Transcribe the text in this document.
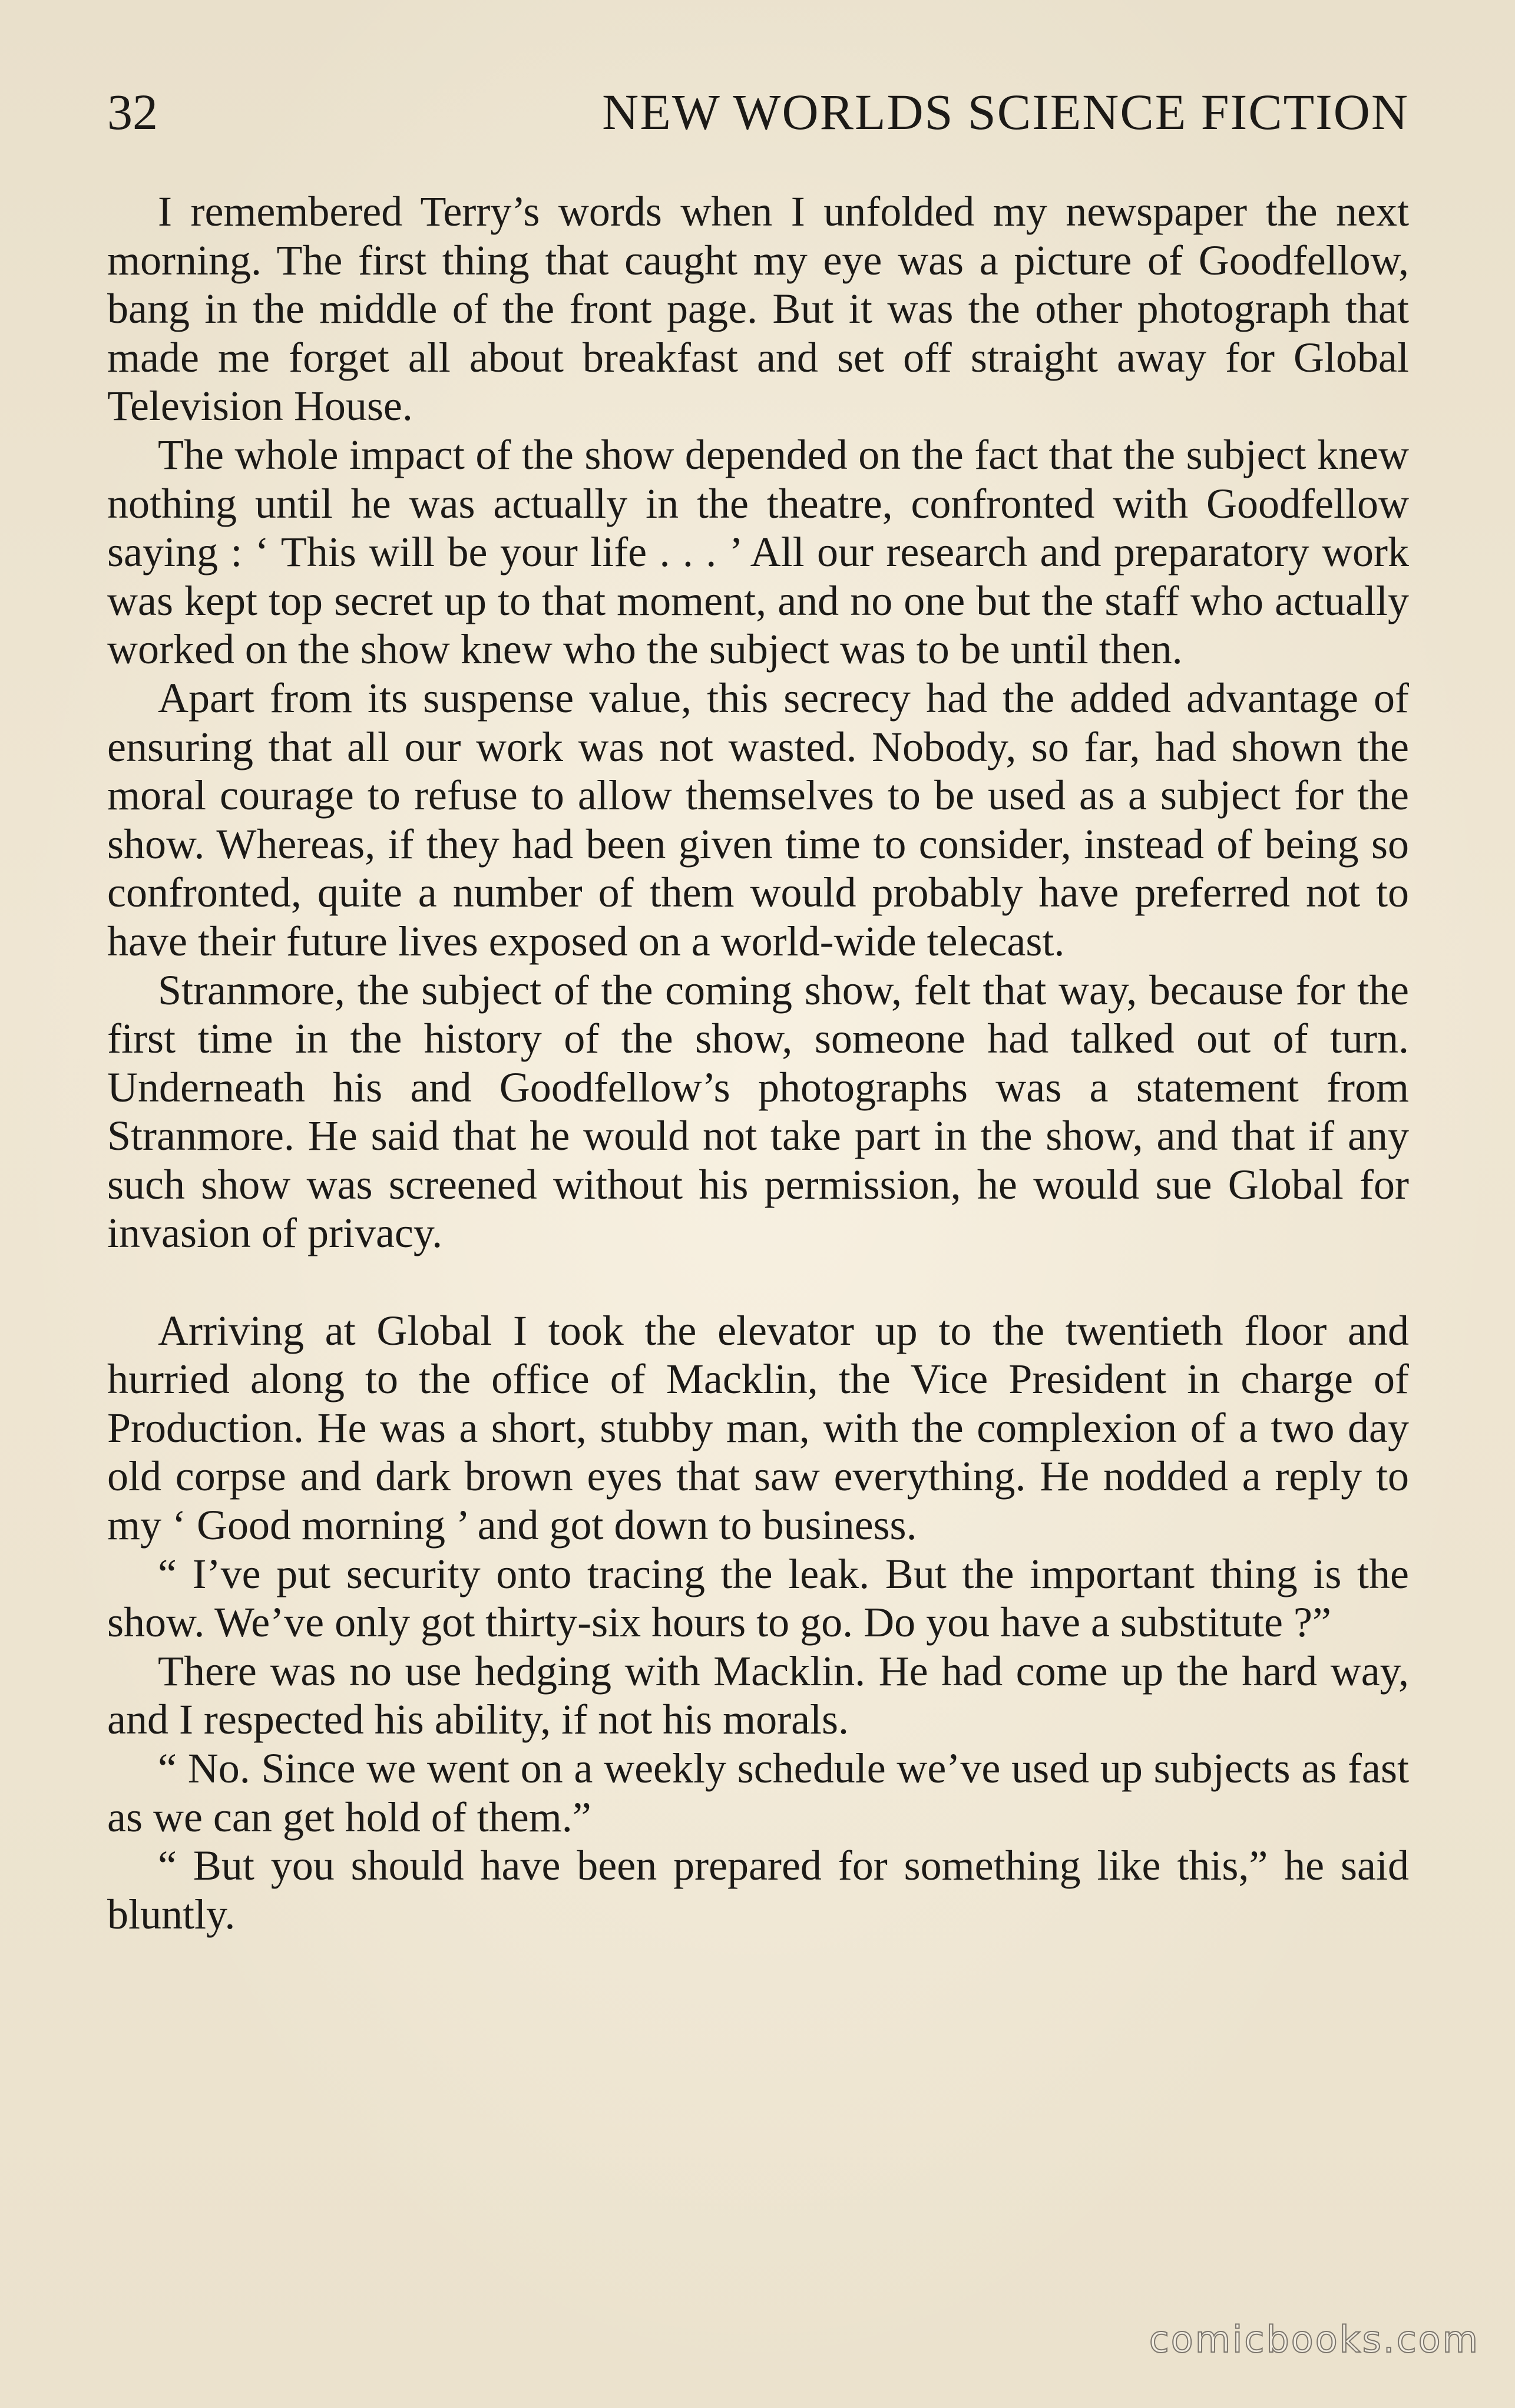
32	NEW WORLDS SCIENCE FICTION

I remembered Terry’s words when I unfolded my newspaper the next morning. The first thing that caught my eye was a picture of Goodfellow, bang in the middle of the front page. But it was the other photograph that made me forget all about breakfast and set off straight away for Global Television House.

The whole impact of the show depended on the fact that the subject knew nothing until he was actually in the theatre, confronted with Goodfellow saying : ‘ This will be your life . . . ’ All our research and preparatory work was kept top secret up to that moment, and no one but the staff who actually worked on the show knew who the subject was to be until then.

Apart from its suspense value, this secrecy had the added advantage of ensuring that all our work was not wasted. Nobody, so far, had shown the moral courage to refuse to allow themselves to be used as a subject for the show. Whereas, if they had been given time to consider, instead of being so confronted, quite a number of them would probably have preferred not to have their future lives exposed on a world-wide telecast.

Stranmore, the subject of the coming show, felt that way, because for the first time in the history of the show, someone had talked out of turn. Underneath his and Goodfellow’s photographs was a statement from Stranmore. He said that he would not take part in the show, and that if any such show was screened without his permission, he would sue Global for invasion of privacy.

Arriving at Global I took the elevator up to the twentieth floor and hurried along to the office of Macklin, the Vice President in charge of Production. He was a short, stubby man, with the complexion of a two day old corpse and dark brown eyes that saw everything. He nodded a reply to my ‘ Good morning ’ and got down to business.

“ I’ve put security onto tracing the leak. But the important thing is the show. We’ve only got thirty-six hours to go. Do you have a substitute ?”

There was no use hedging with Macklin. He had come up the hard way, and I respected his ability, if not his morals.

“ No. Since we went on a weekly schedule we’ve used up subjects as fast as we can get hold of them.”

“ But you should have been prepared for something like this,” he said bluntly.

comicbooks.com
